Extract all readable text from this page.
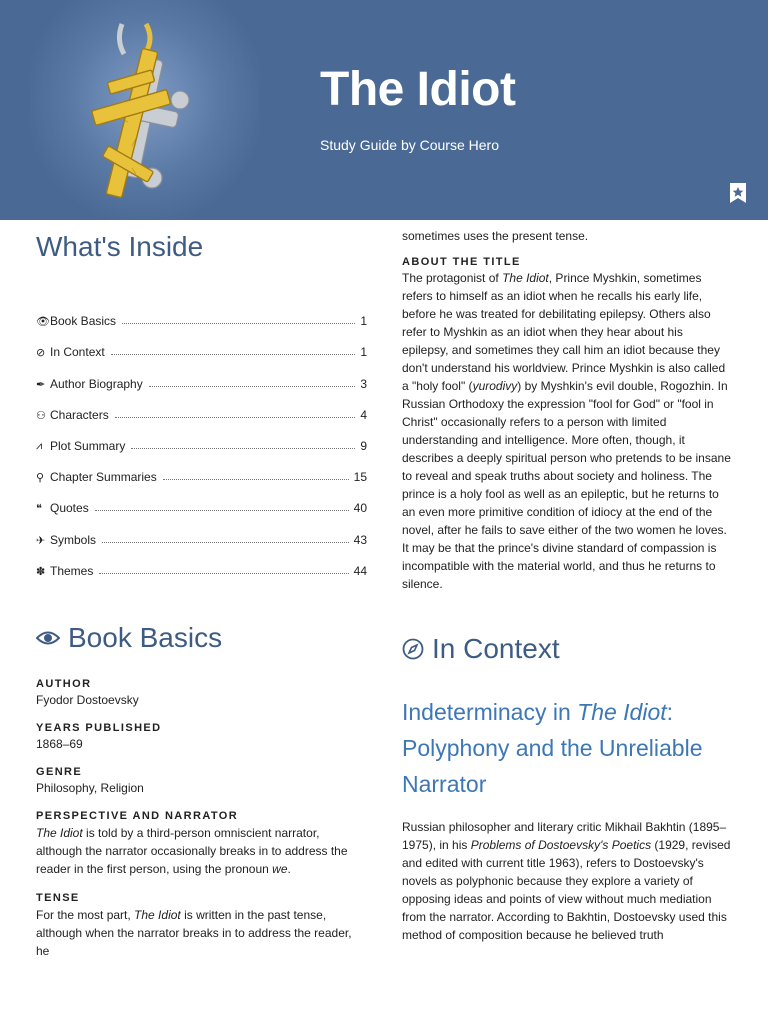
The Idiot
Study Guide by Course Hero
What's Inside
👁 Book Basics	1
⊘ In Context	1
✒ Author Biography	3
⚇ Characters	4
⩘ Plot Summary	9
⚲ Chapter Summaries	15
❝ Quotes	40
✈ Symbols	43
✽ Themes	44
Book Basics
AUTHOR
Fyodor Dostoevsky
YEARS PUBLISHED
1868–69
GENRE
Philosophy, Religion
PERSPECTIVE AND NARRATOR
The Idiot is told by a third-person omniscient narrator, although the narrator occasionally breaks in to address the reader in the first person, using the pronoun we.
TENSE
For the most part, The Idiot is written in the past tense, although when the narrator breaks in to address the reader, he
sometimes uses the present tense.
ABOUT THE TITLE
The protagonist of The Idiot, Prince Myshkin, sometimes refers to himself as an idiot when he recalls his early life, before he was treated for debilitating epilepsy. Others also refer to Myshkin as an idiot when they hear about his epilepsy, and sometimes they call him an idiot because they don't understand his worldview. Prince Myshkin is also called a "holy fool" (yurodivy) by Myshkin's evil double, Rogozhin. In Russian Orthodoxy the expression "fool for God" or "fool in Christ" occasionally refers to a person with limited understanding and intelligence. More often, though, it describes a deeply spiritual person who pretends to be insane to reveal and speak truths about society and holiness. The prince is a holy fool as well as an epileptic, but he returns to an even more primitive condition of idiocy at the end of the novel, after he fails to save either of the two women he loves. It may be that the prince's divine standard of compassion is incompatible with the material world, and thus he returns to silence.
In Context
Indeterminacy in The Idiot: Polyphony and the Unreliable Narrator
Russian philosopher and literary critic Mikhail Bakhtin (1895–1975), in his Problems of Dostoevsky's Poetics (1929, revised and edited with current title 1963), refers to Dostoevsky's novels as polyphonic because they explore a variety of opposing ideas and points of view without much mediation from the narrator. According to Bakhtin, Dostoevsky used this method of composition because he believed truth
